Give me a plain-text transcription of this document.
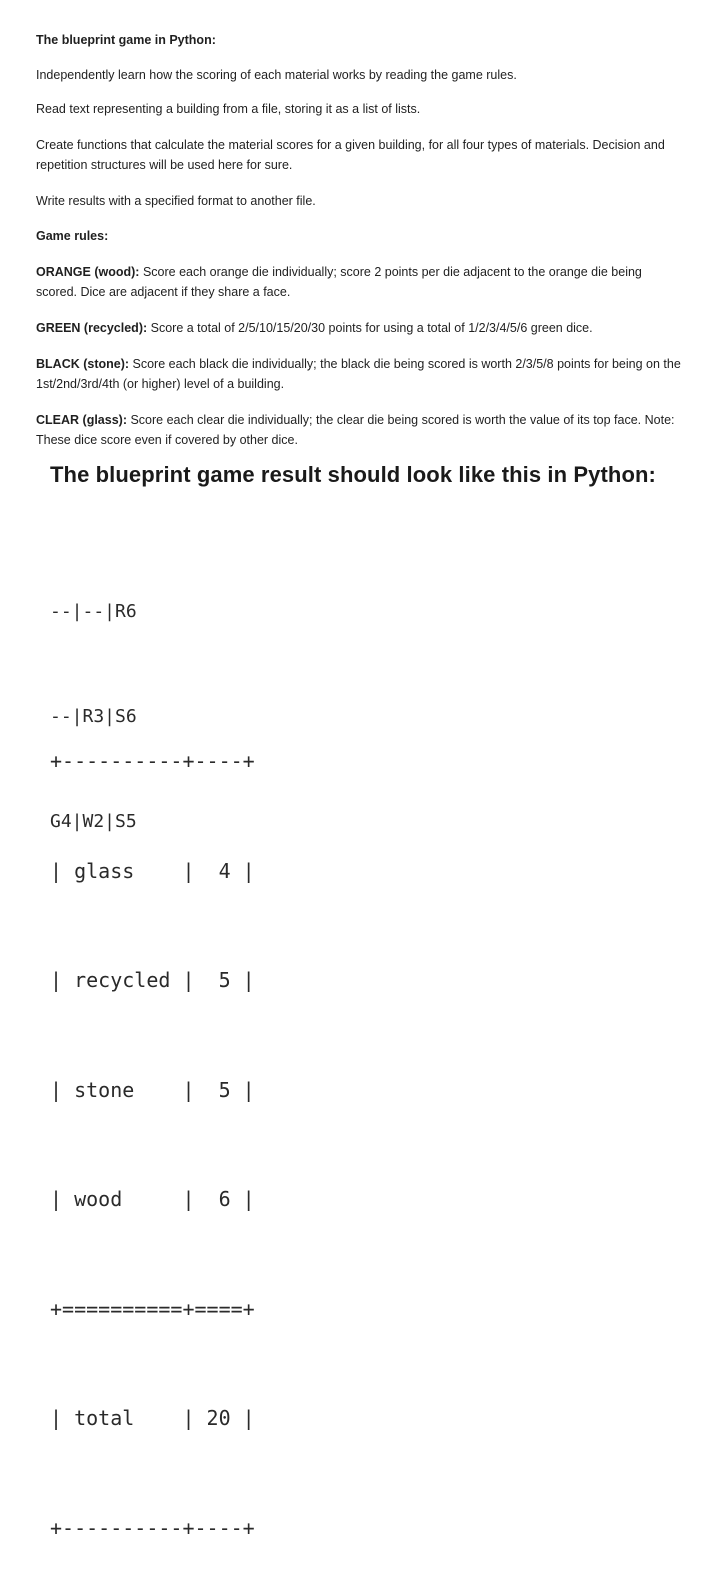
The blueprint game in Python:

Independently learn how the scoring of each material works by reading the game rules.

Read text representing a building from a file, storing it as a list of lists.

Create functions that calculate the material scores for a given building, for all four types of materials. Decision and repetition structures will be used here for sure.

Write results with a specified format to another file.

Game rules:

ORANGE (wood): Score each orange die individually; score 2 points per die adjacent to the orange die being scored. Dice are adjacent if they share a face.

GREEN (recycled): Score a total of 2/5/10/15/20/30 points for using a total of 1/2/3/4/5/6 green dice.

BLACK (stone): Score each black die individually; the black die being scored is worth 2/3/5/8 points for being on the 1st/2nd/3rd/4th (or higher) level of a building.

CLEAR (glass): Score each clear die individually; the clear die being scored is worth the value of its top face. Note: These dice score even if covered by other dice.

The blueprint game result should look like this in Python:

--|--|R6

--|R3|S6

G4|W2|S5

+----------+----+

| glass    |  4 |

| recycled |  5 |

| stone    |  5 |

| wood     |  6 |

+==========+====+

| total    | 20 |

+----------+----+
